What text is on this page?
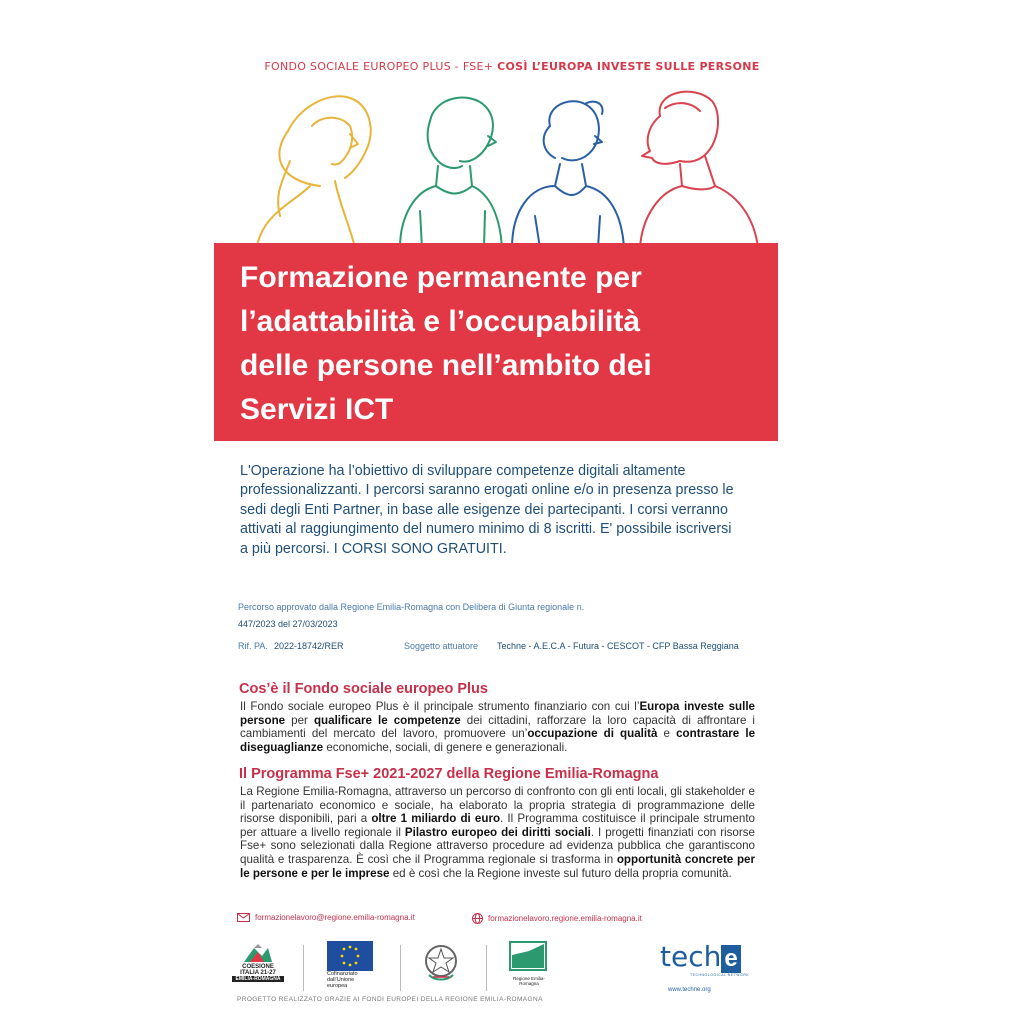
FONDO SOCIALE EUROPEO PLUS - FSE+ COSÌ L’EUROPA INVESTE SULLE PERSONE
Formazione permanente per
l’adattabilità e l’occupabilità
delle persone nell’ambito dei
Servizi ICT
L'Operazione ha l’obiettivo di sviluppare competenze digitali altamente
professionalizzanti. I percorsi saranno erogati online e/o in presenza presso le
sedi degli Enti Partner, in base alle esigenze dei partecipanti. I corsi verranno
attivati al raggiungimento del numero minimo di 8 iscritti. E' possibile iscriversi
a più percorsi. I CORSI SONO GRATUITI.
Percorso approvato dalla Regione Emilia-Romagna con Delibera di Giunta regionale n.
447/2023 del 27/03/2023
Rif. PA. 2022-18742/RER	Soggetto attuatore Techne - A.E.C.A - Futura - CESCOT - CFP Bassa Reggiana
Cos’è il Fondo sociale europeo Plus
Il Fondo sociale europeo Plus è il principale strumento finanziario con cui l’Europa investe sulle persone per qualificare le competenze dei cittadini, rafforzare la loro capacità di affrontare i cambiamenti del mercato del lavoro, promuovere un’occupazione di qualità e contrastare le diseguaglianze economiche, sociali, di genere e generazionali.
Il Programma Fse+ 2021-2027 della Regione Emilia-Romagna
La Regione Emilia-Romagna, attraverso un percorso di confronto con gli enti locali, gli stakeholder e il partenariato economico e sociale, ha elaborato la propria strategia di programmazione delle risorse disponibili, pari a oltre 1 miliardo di euro. Il Programma costituisce il principale strumento per attuare a livello regionale il Pilastro europeo dei diritti sociali. I progetti finanziati con risorse Fse+ sono selezionati dalla Regione attraverso procedure ad evidenza pubblica che garantiscono qualità e trasparenza. È così che il Programma regionale si trasforma in opportunità concrete per le persone e per le imprese ed è così che la Regione investe sul futuro della propria comunità.
formazionelavoro@regione.emilia-romagna.it	formazionelavoro.regione.emilia-romagna.it
COESIONE
ITALIA 21-27
EMILIA-ROMAGNA
Cofinanziato
dall’Unione europea
Regione Emilia-Romagna
tech e
TECHNOLOGICAL NETWORK
www.techne.org
PROGETTO REALIZZATO GRAZIE AI FONDI EUROPEI DELLA REGIONE EMILIA-ROMAGNA
